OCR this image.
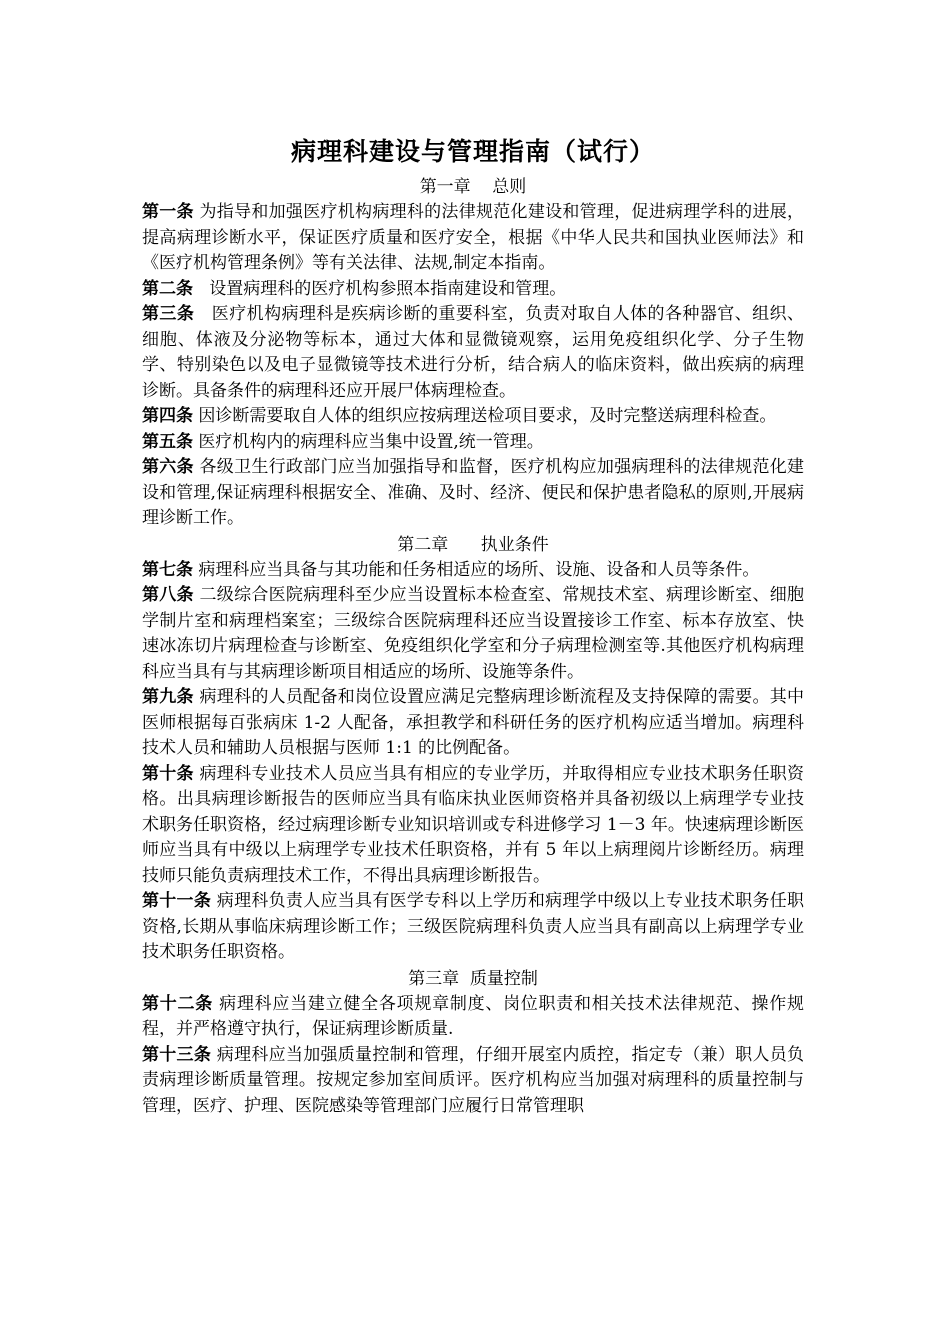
病理科建设与管理指南（试行）

第一章    总则

第一条 为指导和加强医疗机构病理科的法律规范化建设和管理，促进病理学科的进展，提高病理诊断水平，保证医疗质量和医疗安全，根据《中华人民共和国执业医师法》和《医疗机构管理条例》等有关法律、法规,制定本指南。

第二条   设置病理科的医疗机构参照本指南建设和管理。

第三条   医疗机构病理科是疾病诊断的重要科室，负责对取自人体的各种器官、组织、细胞、体液及分泌物等标本，通过大体和显微镜观察，运用免疫组织化学、分子生物学、特别染色以及电子显微镜等技术进行分析，结合病人的临床资料，做出疾病的病理诊断。具备条件的病理科还应开展尸体病理检查。

第四条 因诊断需要取自人体的组织应按病理送检项目要求，及时完整送病理科检查。

第五条 医疗机构内的病理科应当集中设置,统一管理。

第六条 各级卫生行政部门应当加强指导和监督，医疗机构应加强病理科的法律规范化建设和管理,保证病理科根据安全、准确、及时、经济、便民和保护患者隐私的原则,开展病理诊断工作。

第二章      执业条件

第七条 病理科应当具备与其功能和任务相适应的场所、设施、设备和人员等条件。

第八条 二级综合医院病理科至少应当设置标本检查室、常规技术室、病理诊断室、细胞学制片室和病理档案室；三级综合医院病理科还应当设置接诊工作室、标本存放室、快速冰冻切片病理检查与诊断室、免疫组织化学室和分子病理检测室等.其他医疗机构病理科应当具有与其病理诊断项目相适应的场所、设施等条件。

第九条 病理科的人员配备和岗位设置应满足完整病理诊断流程及支持保障的需要。其中医师根据每百张病床 1-2 人配备，承担教学和科研任务的医疗机构应适当增加。病理科技术人员和辅助人员根据与医师 1:1 的比例配备。

第十条 病理科专业技术人员应当具有相应的专业学历，并取得相应专业技术职务任职资格。出具病理诊断报告的医师应当具有临床执业医师资格并具备初级以上病理学专业技术职务任职资格，经过病理诊断专业知识培训或专科进修学习 1－3 年。快速病理诊断医师应当具有中级以上病理学专业技术任职资格，并有 5 年以上病理阅片诊断经历。病理技师只能负责病理技术工作，不得出具病理诊断报告。

第十一条 病理科负责人应当具有医学专科以上学历和病理学中级以上专业技术职务任职资格,长期从事临床病理诊断工作；三级医院病理科负责人应当具有副高以上病理学专业技术职务任职资格。

第三章  质量控制

第十二条 病理科应当建立健全各项规章制度、岗位职责和相关技术法律规范、操作规程，并严格遵守执行，保证病理诊断质量.

第十三条 病理科应当加强质量控制和管理，仔细开展室内质控，指定专（兼）职人员负责病理诊断质量管理。按规定参加室间质评。医疗机构应当加强对病理科的质量控制与管理，医疗、护理、医院感染等管理部门应履行日常管理职
